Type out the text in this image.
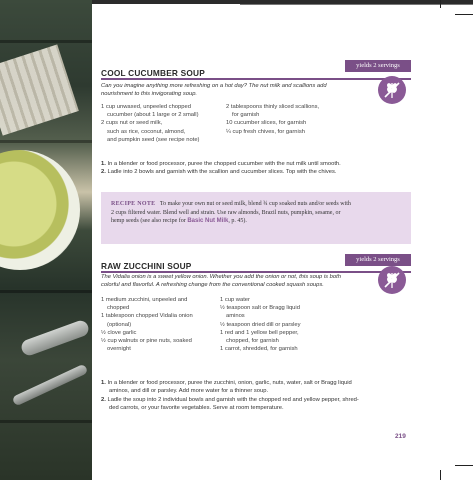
yields 2 servings
COOL CUCUMBER SOUP
Can you imagine anything more refreshing on a hot day? The nut milk and scallions add
nourishment to this invigorating soup.
1 cup unwaxed, unpeeled chopped
cucumber (about 1 large or 2 small)
2 cups nut or seed milk,
such as rice, coconut, almond,
and pumpkin seed (see recipe note)
2 tablespoons thinly sliced scallions,
for garnish
10 cucumber slices, for garnish
¼ cup fresh chives, for garnish
1. In a blender or food processor, puree the chopped cucumber with the nut milk until smooth.
2. Ladle into 2 bowls and garnish with the scallion and cucumber slices. Top with the chives.
RECIPE NOTE To make your own nut or seed milk, blend ¾ cup soaked nuts and/or seeds with
2 cups filtered water. Blend well and strain. Use raw almonds, Brazil nuts, pumpkin, sesame, or
hemp seeds (see also recipe for Basic Nut Milk, p. 45).
yields 2 servings
RAW ZUCCHINI SOUP
The Vidalia onion is a sweet yellow onion. Whether you add the onion or not, this soup is both
colorful and flavorful. A refreshing change from the conventional cooked squash soups.
1 medium zucchini, unpeeled and
chopped
1 tablespoon chopped Vidalia onion
(optional)
½ clove garlic
½ cup walnuts or pine nuts, soaked
overnight
1 cup water
½ teaspoon salt or Bragg liquid
aminos
½ teaspoon dried dill or parsley
1 red and 1 yellow bell pepper,
chopped, for garnish
1 carrot, shredded, for garnish
1. In a blender or food processor, puree the zucchini, onion, garlic, nuts, water, salt or Bragg liquid
aminos, and dill or parsley. Add more water for a thinner soup.
2. Ladle the soup into 2 individual bowls and garnish with the chopped red and yellow pepper, shred-
ded carrots, or your favorite vegetables. Serve at room temperature.
219
